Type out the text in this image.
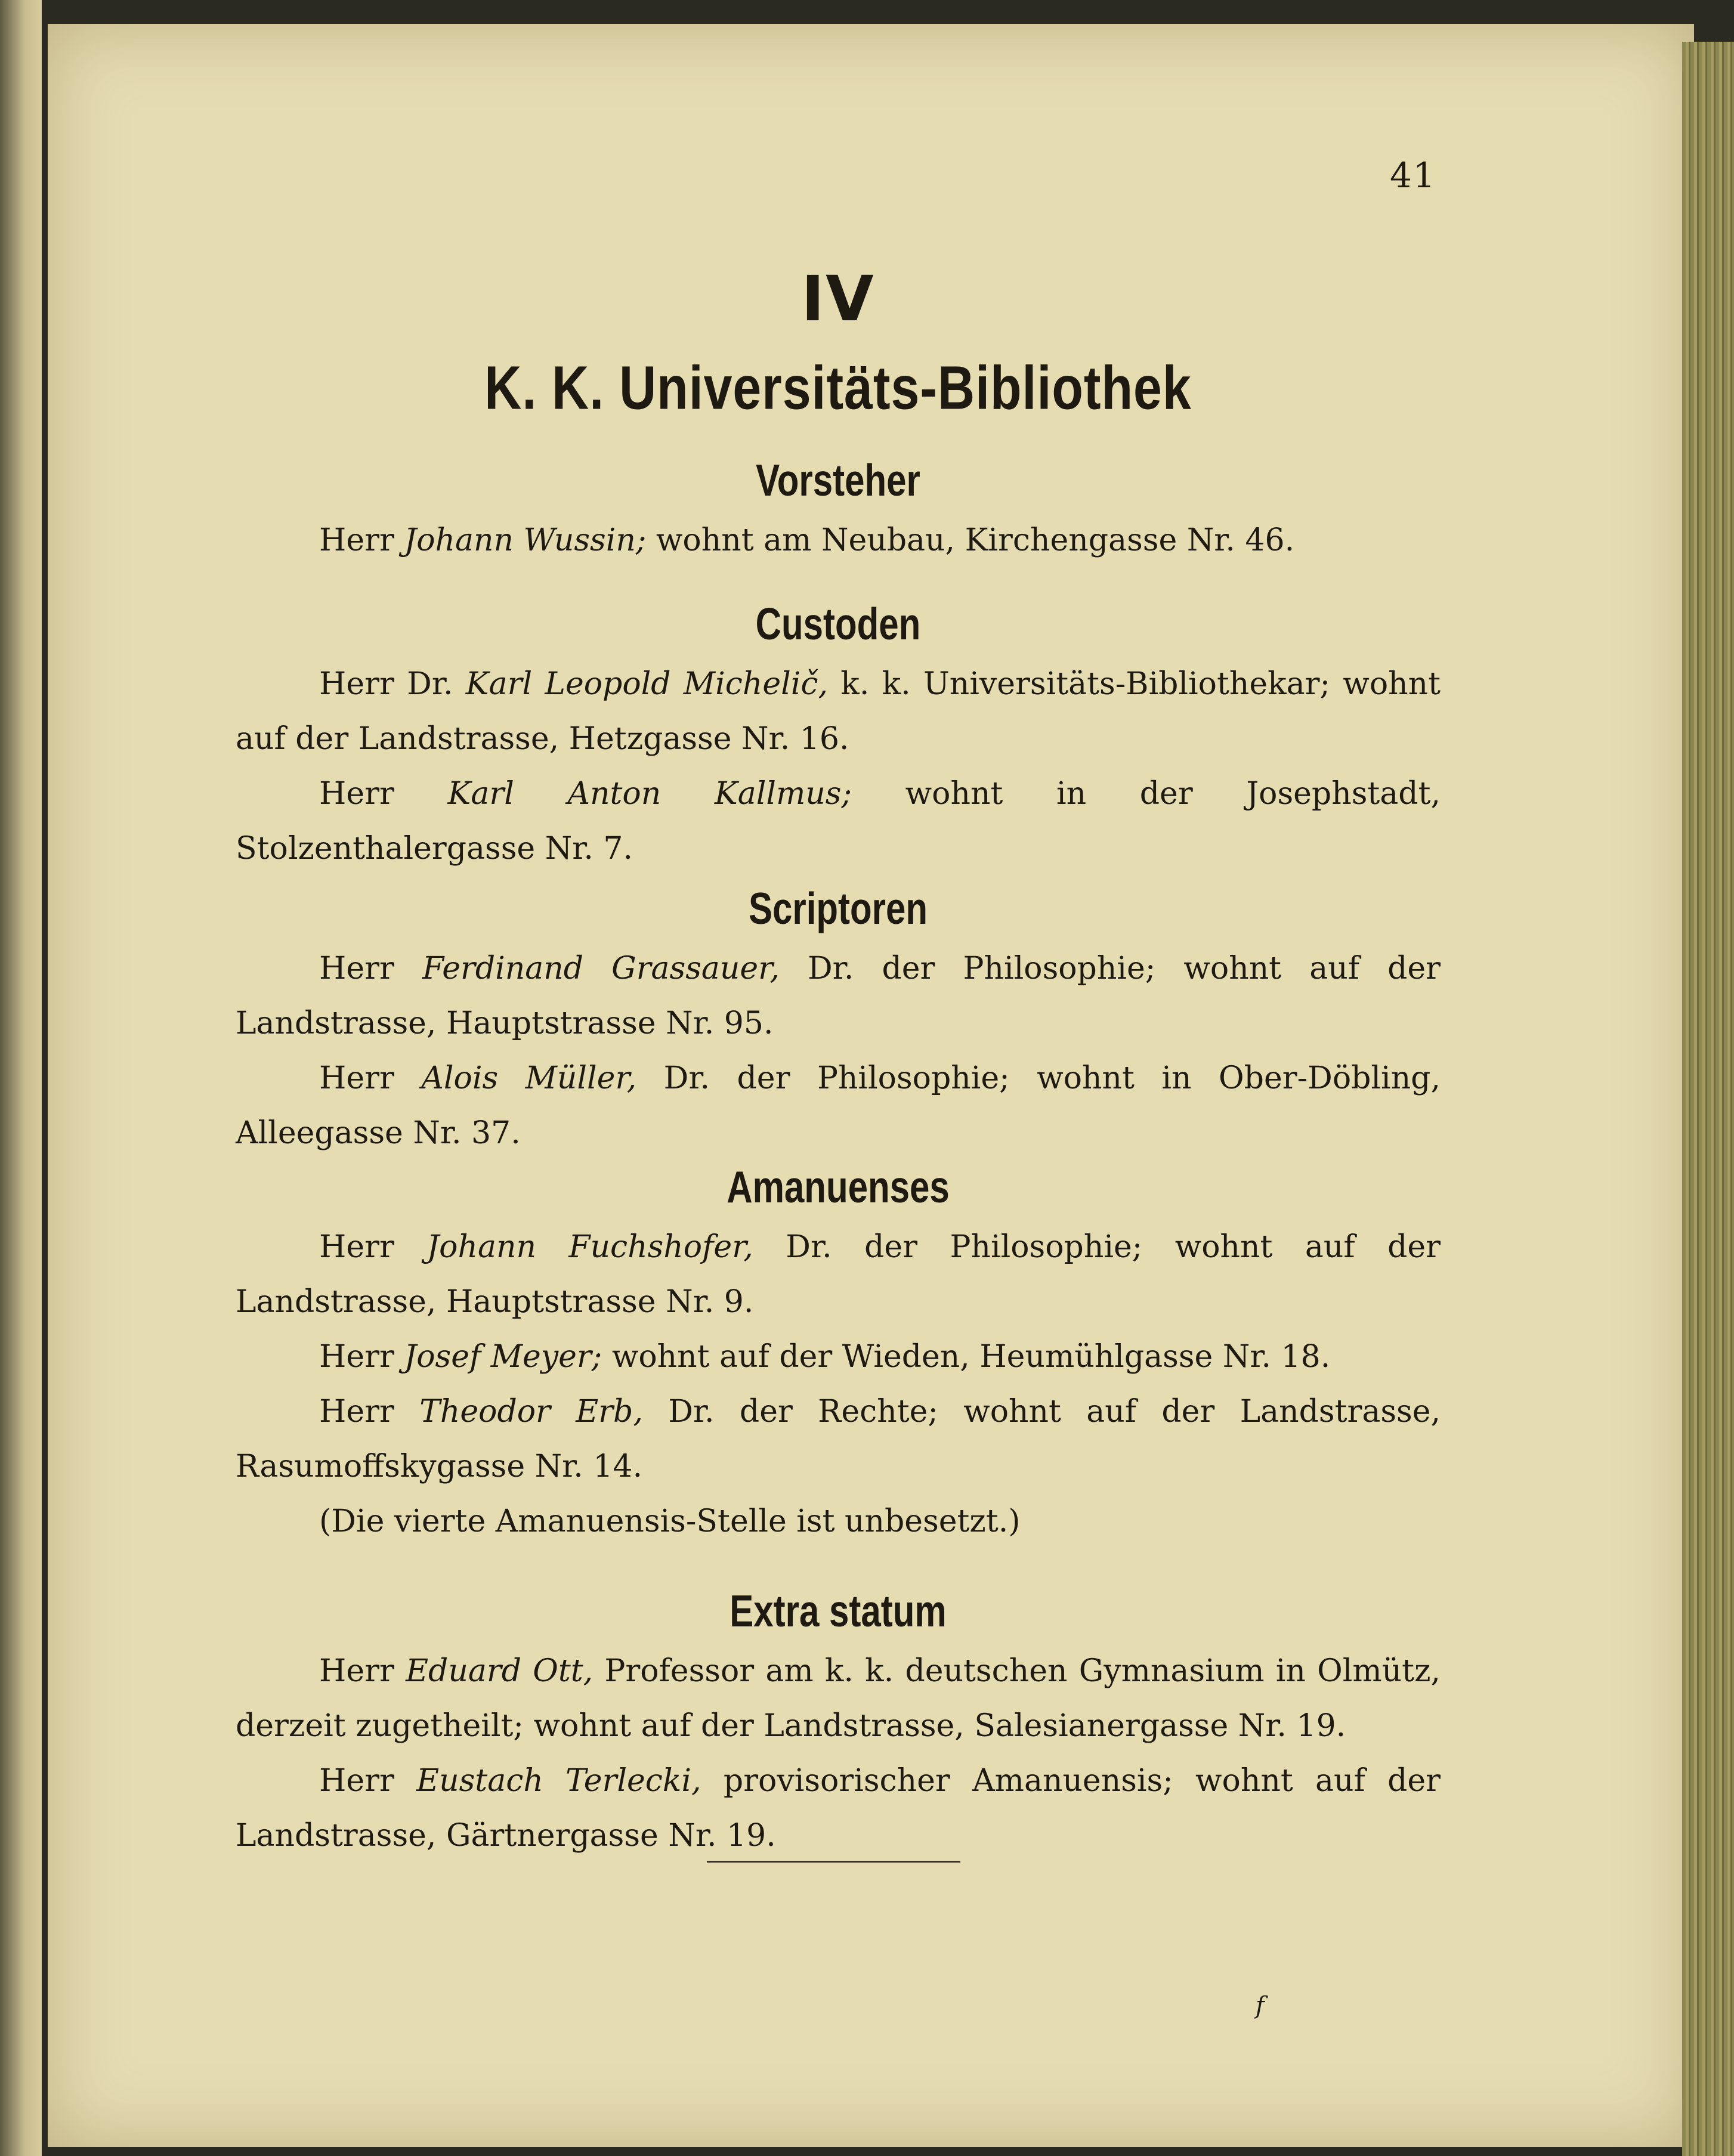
41
IV
K. K. Universitäts-Bibliothek
Vorsteher

Herr Johann Wussin; wohnt am Neubau, Kirchengasse Nr. 46.

Custoden

Herr Dr. Karl Leopold Michelič, k. k. Universitäts-Bibliothekar; wohnt auf der Landstrasse, Hetzgasse Nr. 16.

Herr Karl Anton Kallmus; wohnt in der Josephstadt, Stolzenthalergasse Nr. 7.

Scriptoren

Herr Ferdinand Grassauer, Dr. der Philosophie; wohnt auf der Landstrasse, Hauptstrasse Nr. 95.

Herr Alois Müller, Dr. der Philosophie; wohnt in Ober-Döbling, Alleegasse Nr. 37.

Amanuenses

Herr Johann Fuchshofer, Dr. der Philosophie; wohnt auf der Landstrasse, Hauptstrasse Nr. 9.

Herr Josef Meyer; wohnt auf der Wieden, Heumühlgasse Nr. 18.

Herr Theodor Erb, Dr. der Rechte; wohnt auf der Landstrasse, Rasumoffskygasse Nr. 14.

(Die vierte Amanuensis-Stelle ist unbesetzt.)

Extra statum

Herr Eduard Ott, Professor am k. k. deutschen Gymnasium in Olmütz, derzeit zugetheilt; wohnt auf der Landstrasse, Salesianergasse Nr. 19.

Herr Eustach Terlecki, provisorischer Amanuensis; wohnt auf der Landstrasse, Gärtnergasse Nr. 19.

f
